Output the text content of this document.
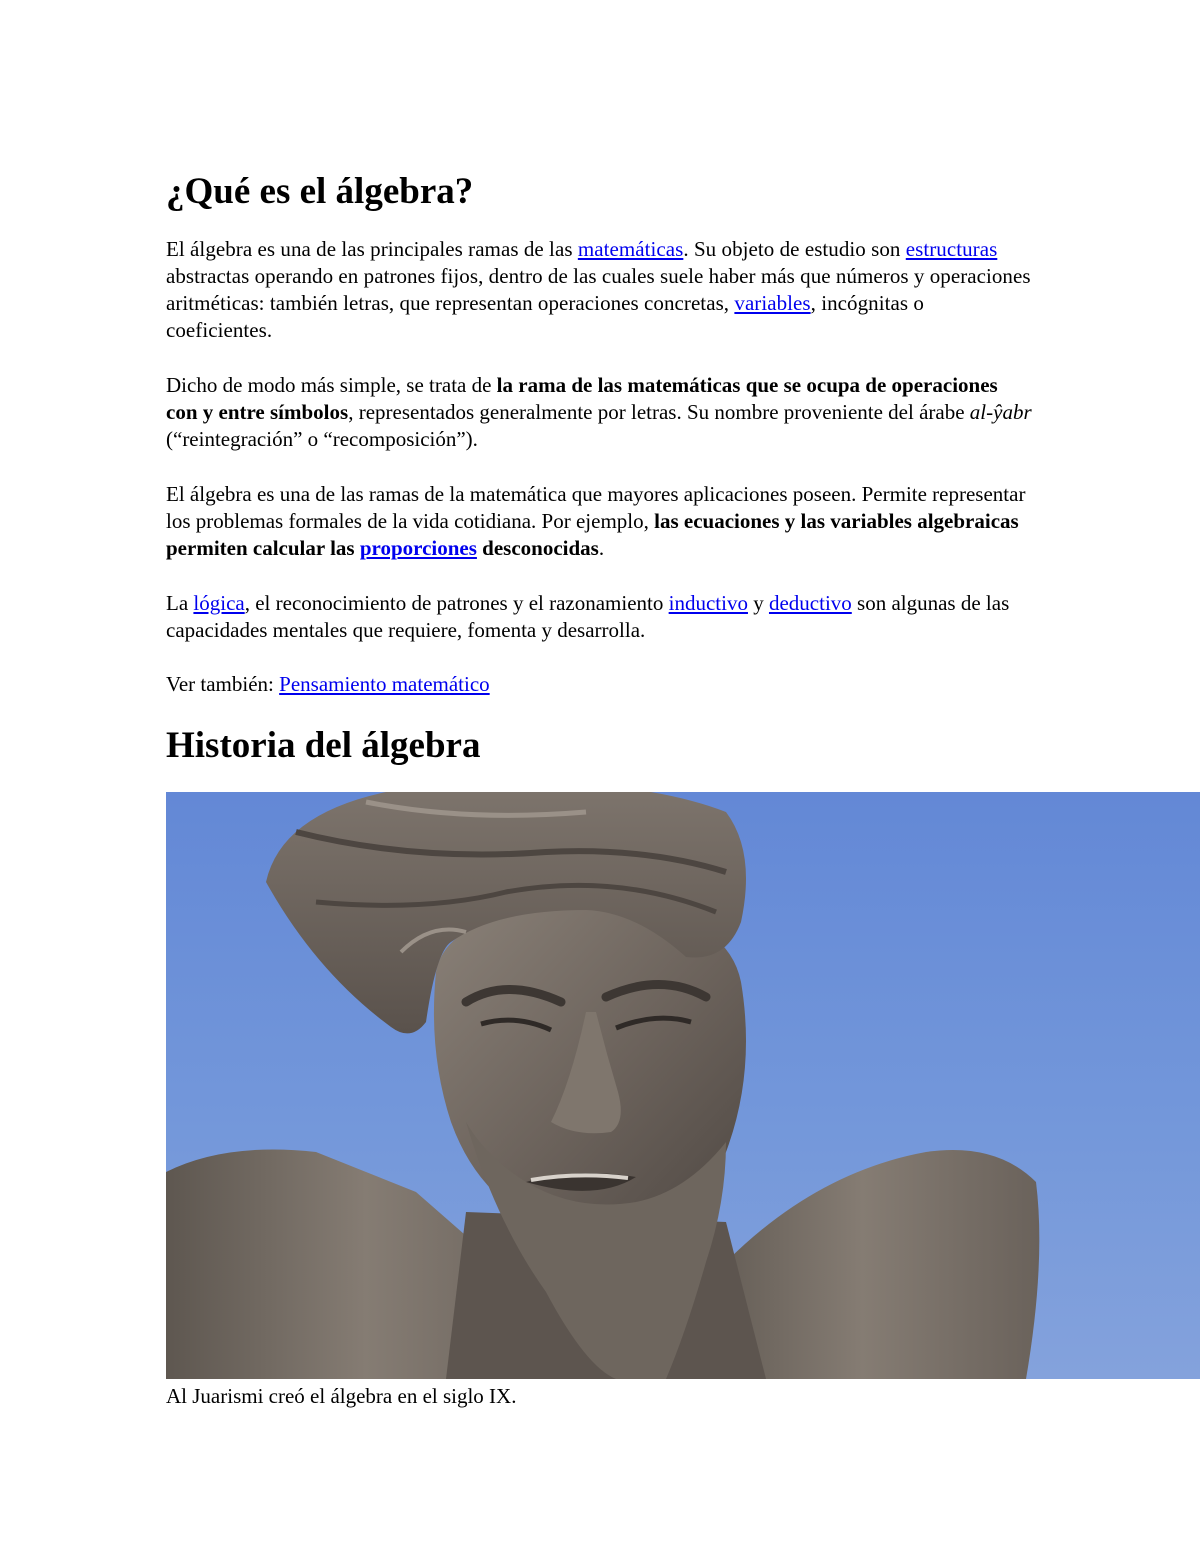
¿Qué es el álgebra?

El álgebra es una de las principales ramas de las matemáticas. Su objeto de estudio son estructuras abstractas operando en patrones fijos, dentro de las cuales suele haber más que números y operaciones aritméticas: también letras, que representan operaciones concretas, variables, incógnitas o coeficientes.

Dicho de modo más simple, se trata de la rama de las matemáticas que se ocupa de operaciones con y entre símbolos, representados generalmente por letras. Su nombre proveniente del árabe al-ŷabr (“reintegración” o “recomposición”).

El álgebra es una de las ramas de la matemática que mayores aplicaciones poseen. Permite representar los problemas formales de la vida cotidiana. Por ejemplo, las ecuaciones y las variables algebraicas permiten calcular las proporciones desconocidas.

La lógica, el reconocimiento de patrones y el razonamiento inductivo y deductivo son algunas de las capacidades mentales que requiere, fomenta y desarrolla.

Ver también: Pensamiento matemático

Historia del álgebra

Al Juarismi creó el álgebra en el siglo IX.
